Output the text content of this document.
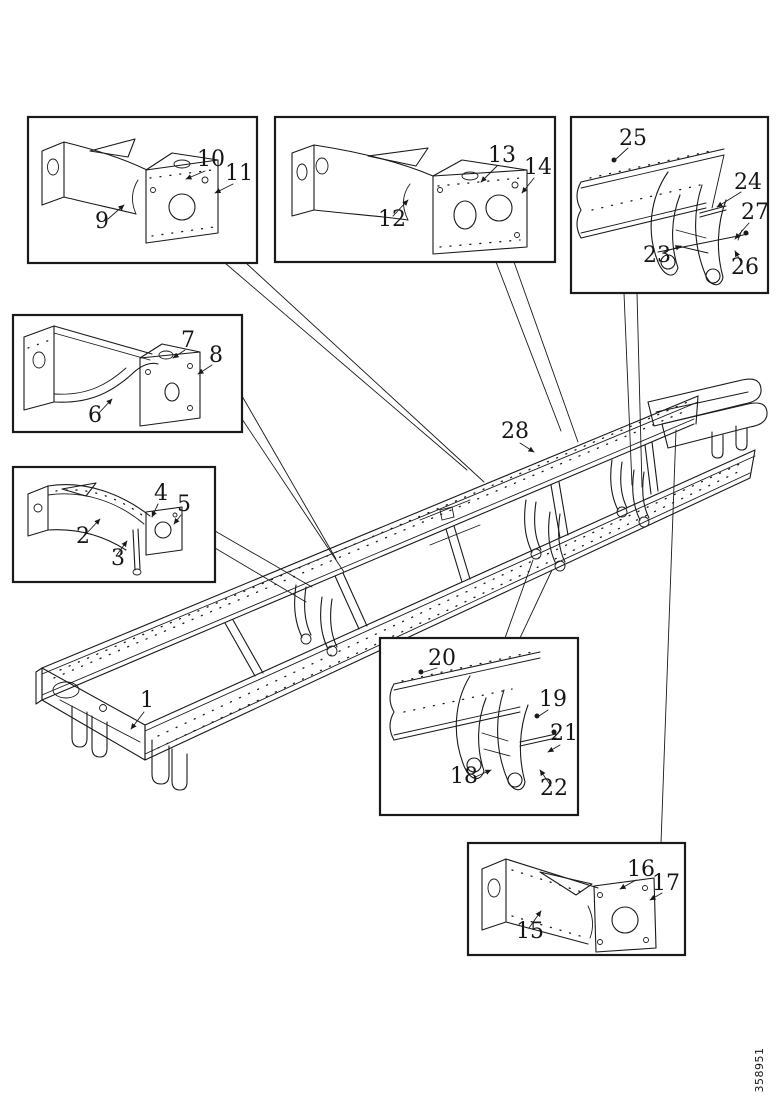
1
28
10
11
9
13 14
12
25
24
27
23	26
7
8
6
2
3
4 5
20
19
21
18	22
16
17
15
358951
